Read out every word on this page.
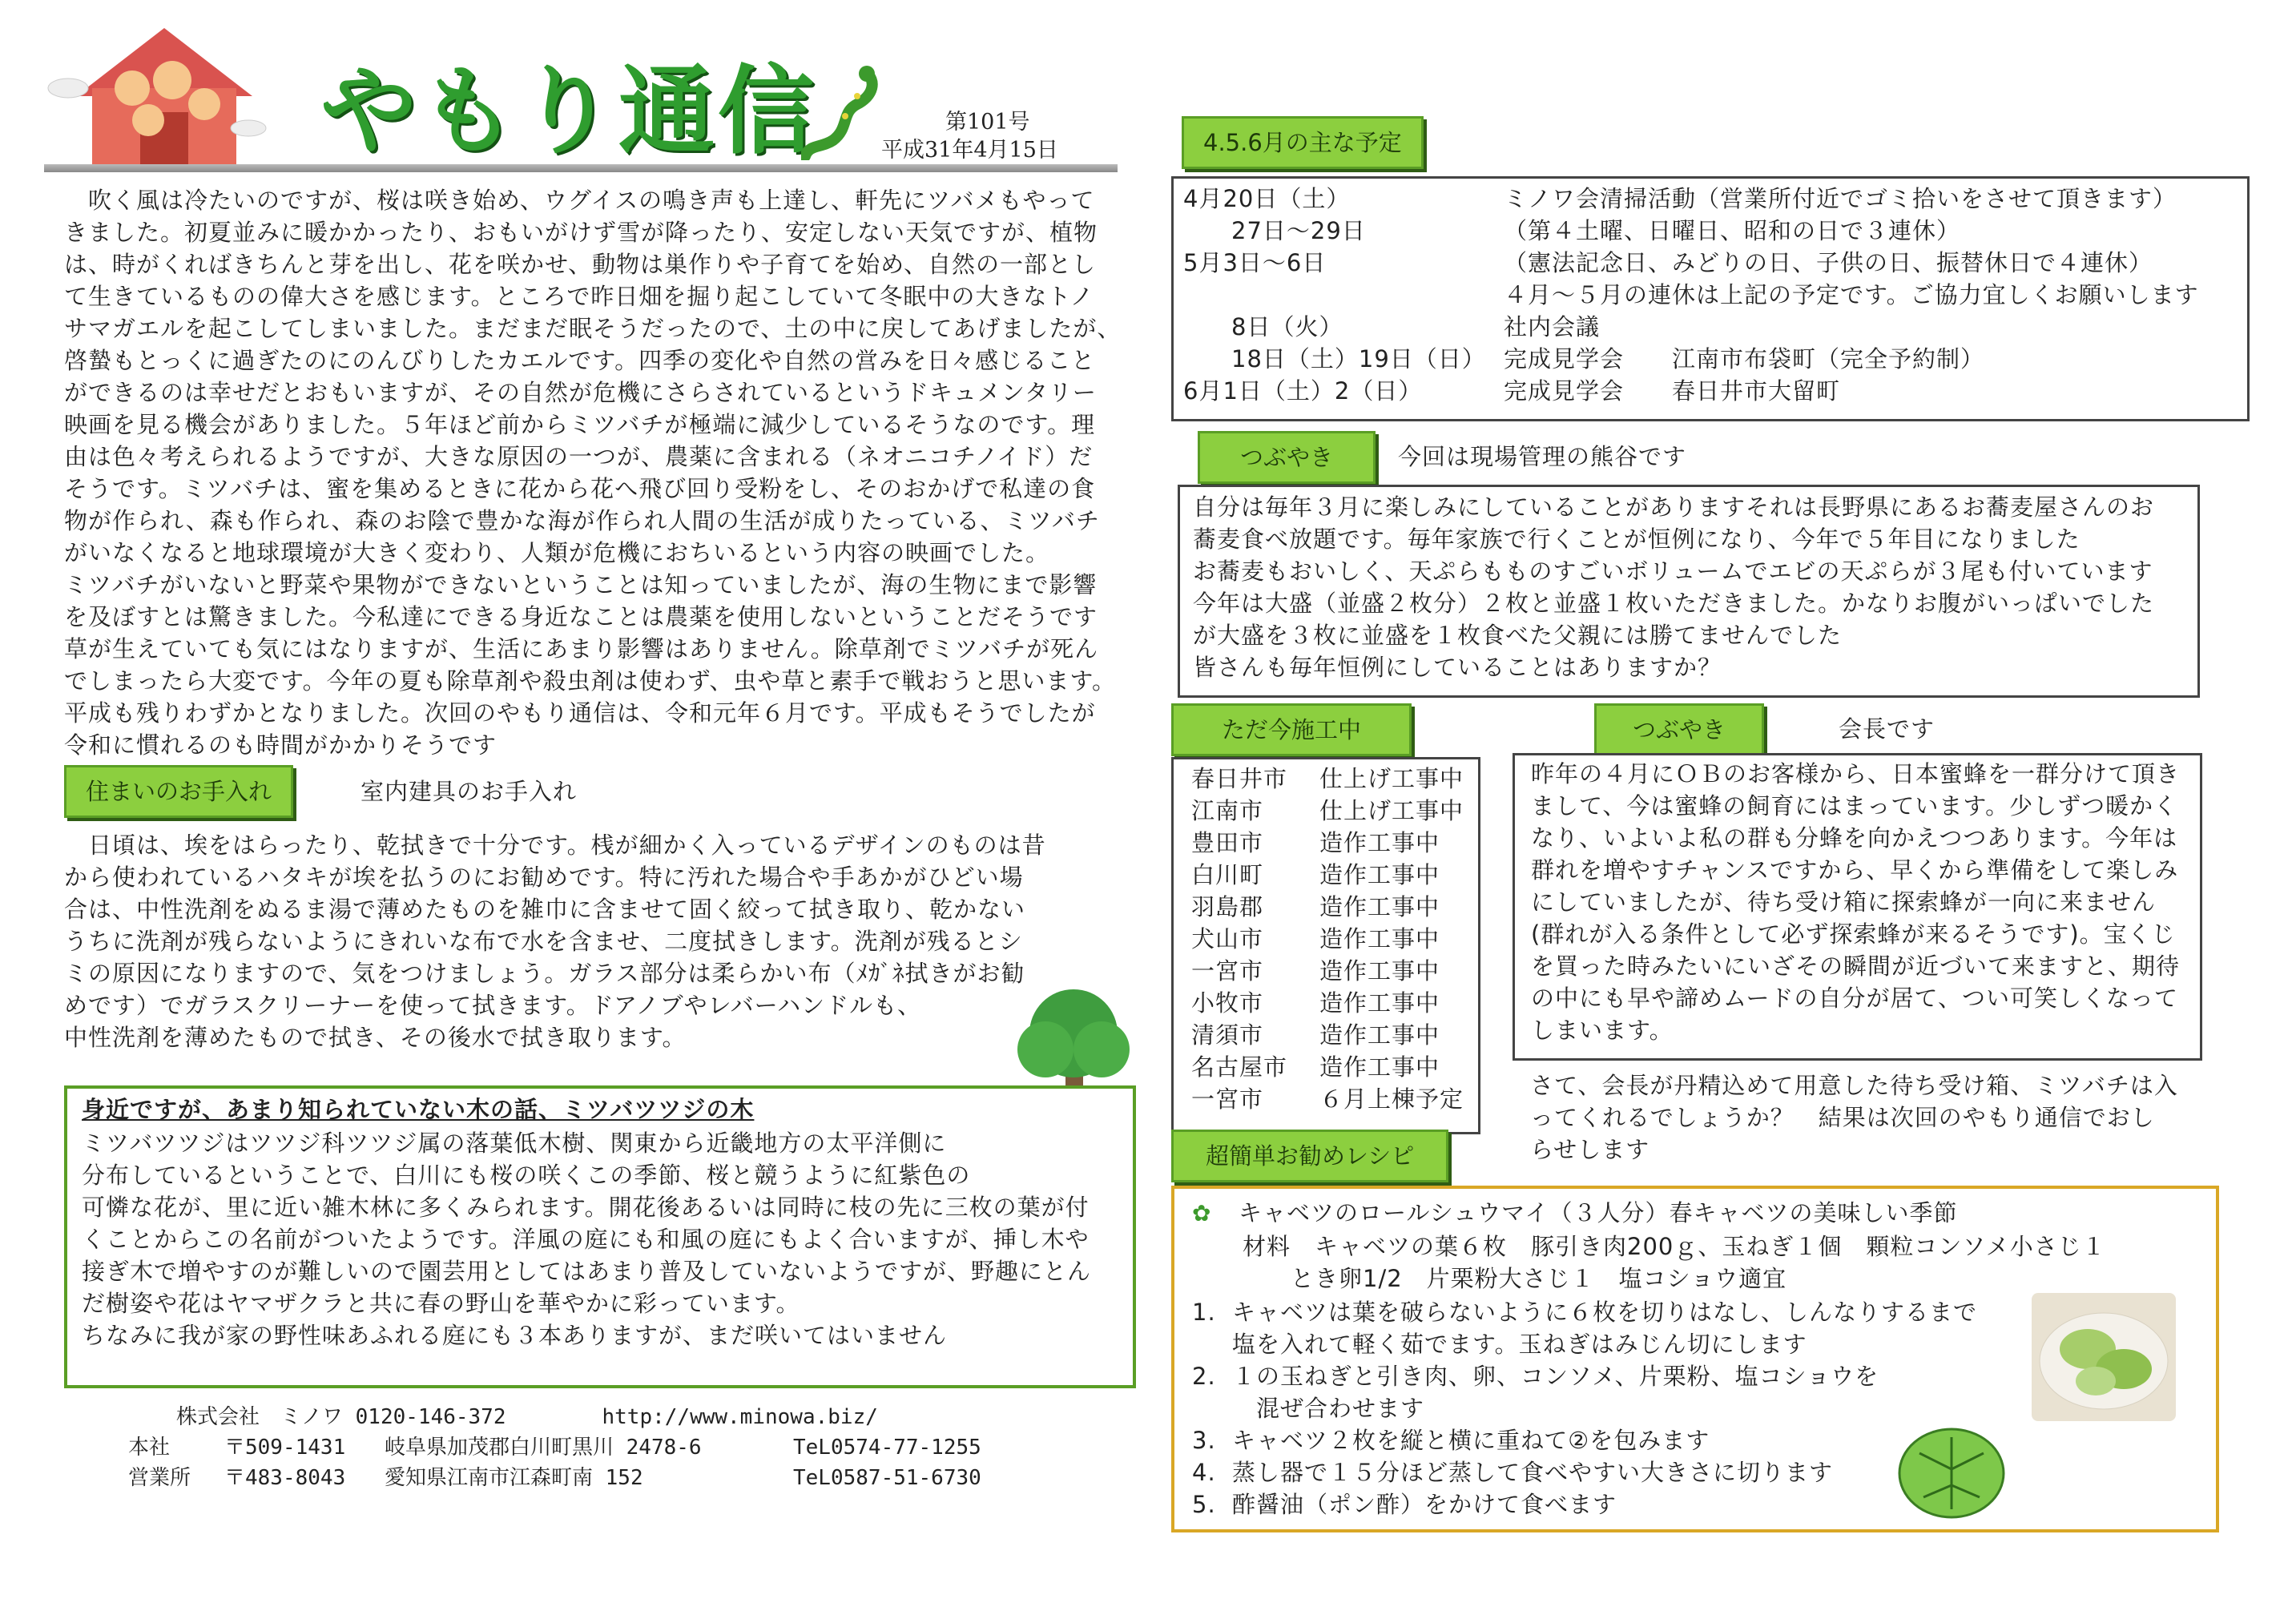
やもり通信	第101号
平成31年4月15日
　吹く風は冷たいのですが、桜は咲き始め、ウグイスの鳴き声も上達し、軒先にツバメもやって
きました。初夏並みに暖かかったり、おもいがけず雪が降ったり、安定しない天気ですが、植物
は、時がくればきちんと芽を出し、花を咲かせ、動物は巣作りや子育てを始め、自然の一部とし
て生きているものの偉大さを感じます。ところで昨日畑を掘り起こしていて冬眠中の大きなトノ
サマガエルを起こしてしまいました。まだまだ眠そうだったので、土の中に戻してあげましたが、
啓蟄もとっくに過ぎたのにのんびりしたカエルです。四季の変化や自然の営みを日々感じること
ができるのは幸せだとおもいますが、その自然が危機にさらされているというドキュメンタリー
映画を見る機会がありました。５年ほど前からミツバチが極端に減少しているそうなのです。理
由は色々考えられるようですが、大きな原因の一つが、農薬に含まれる（ネオニコチノイド）だ
そうです。ミツバチは、蜜を集めるときに花から花へ飛び回り受粉をし、そのおかげで私達の食
物が作られ、森も作られ、森のお陰で豊かな海が作られ人間の生活が成りたっている、ミツバチ
がいなくなると地球環境が大きく変わり、人類が危機におちいるという内容の映画でした。
ミツバチがいないと野菜や果物ができないということは知っていましたが、海の生物にまで影響
を及ぼすとは驚きました。今私達にできる身近なことは農薬を使用しないということだそうです
草が生えていても気にはなりますが、生活にあまり影響はありません。除草剤でミツバチが死ん
でしまったら大変です。今年の夏も除草剤や殺虫剤は使わず、虫や草と素手で戦おうと思います。
平成も残りわずかとなりました。次回のやもり通信は、令和元年６月です。平成もそうでしたが
令和に慣れるのも時間がかかりそうです
住まいのお手入れ	室内建具のお手入れ
　日頃は、埃をはらったり、乾拭きで十分です。桟が細かく入っているデザインのものは昔
から使われているハタキが埃を払うのにお勧めです。特に汚れた場合や手あかがひどい場
合は、中性洗剤をぬるま湯で薄めたものを雑巾に含ませて固く絞って拭き取り、乾かない
うちに洗剤が残らないようにきれいな布で水を含ませ、二度拭きします。洗剤が残るとシ
ミの原因になりますので、気をつけましょう。ガラス部分は柔らかい布（ﾒｶﾞﾈ拭きがお勧
めです）でガラスクリーナーを使って拭きます。ドアノブやレバーハンドルも、
中性洗剤を薄めたもので拭き、その後水で拭き取ります。
身近ですが、あまり知られていない木の話、ミツバツツジの木
ミツバツツジはツツジ科ツツジ属の落葉低木樹、関東から近畿地方の太平洋側に
分布しているということで、白川にも桜の咲くこの季節、桜と競うように紅紫色の
可憐な花が、里に近い雑木林に多くみられます。開花後あるいは同時に枝の先に三枚の葉が付
くことからこの名前がついたようです。洋風の庭にも和風の庭にもよく合いますが、挿し木や
接ぎ木で増やすのが難しいので園芸用としてはあまり普及していないようですが、野趣にとん
だ樹姿や花はヤマザクラと共に春の野山を華やかに彩っています。
ちなみに我が家の野性味あふれる庭にも３本ありますが、まだ咲いてはいません
株式会社　ミノワ 0120-146-372	http://www.minowa.biz/
本社	〒509-1431	岐阜県加茂郡白川町黒川 2478-6	TeL0574-77-1255
営業所	〒483-8043	愛知県江南市江森町南 152	TeL0587-51-6730
4.5.6月の主な予定
4月20日（土）	ミノワ会清掃活動（営業所付近でゴミ拾いをさせて頂きます）
　　27日〜29日	（第４土曜、日曜日、昭和の日で３連休）
5月3日〜6日	（憲法記念日、みどりの日、子供の日、振替休日で４連休）
４月〜５月の連休は上記の予定です。ご協力宜しくお願いします
　　8日（火）	社内会議
　　18日（土）19日（日） 完成見学会　　江南市布袋町（完全予約制）
6月1日（土）2（日）	完成見学会　　春日井市大留町
つぶやき	今回は現場管理の熊谷です
自分は毎年３月に楽しみにしていることがありますそれは長野県にあるお蕎麦屋さんのお
蕎麦食べ放題です。毎年家族で行くことが恒例になり、今年で５年目になりました
お蕎麦もおいしく、天ぷらもものすごいボリュームでエビの天ぷらが３尾も付いています
今年は大盛（並盛２枚分）２枚と並盛１枚いただきました。かなりお腹がいっぱいでした
が大盛を３枚に並盛を１枚食べた父親には勝てませんでした
皆さんも毎年恒例にしていることはありますか？
ただ今施工中
春日井市	仕上げ工事中
江南市	仕上げ工事中
豊田市	造作工事中
白川町	造作工事中
羽島郡	造作工事中
犬山市	造作工事中
一宮市	造作工事中
小牧市	造作工事中
清須市	造作工事中
名古屋市	造作工事中
一宮市	６月上棟予定
つぶやき	会長です
昨年の４月にＯＢのお客様から、日本蜜蜂を一群分けて頂き
まして、今は蜜蜂の飼育にはまっています。少しずつ暖かく
なり、いよいよ私の群も分蜂を向かえつつあります。今年は
群れを増やすチャンスですから、早くから準備をして楽しみ
にしていましたが、待ち受け箱に探索蜂が一向に来ません
(群れが入る条件として必ず探索蜂が来るそうです)。宝くじ
を買った時みたいにいざその瞬間が近づいて来ますと、期待
の中にも早や諦めムードの自分が居て、つい可笑しくなって
しまいます。
さて、会長が丹精込めて用意した待ち受け箱、ミツバチは入
ってくれるでしょうか？　結果は次回のやもり通信でおし
らせします
超簡単お勧めレシピ
✿ キャベツのロールシュウマイ（３人分）春キャベツの美味しい季節
材料　キャベツの葉６枚　豚引き肉200ｇ、玉ねぎ１個　顆粒コンソメ小さじ１
とき卵1/2　片栗粉大さじ１　塩コショウ適宜
1. キャベツは葉を破らないように６枚を切りはなし、しんなりするまで
塩を入れて軽く茹でます。玉ねぎはみじん切にします
2. １の玉ねぎと引き肉、卵、コンソメ、片栗粉、塩コショウを
　混ぜ合わせます
3. キャベツ２枚を縦と横に重ねて②を包みます
4. 蒸し器で１５分ほど蒸して食べやすい大きさに切ります
5. 酢醤油（ポン酢）をかけて食べます
